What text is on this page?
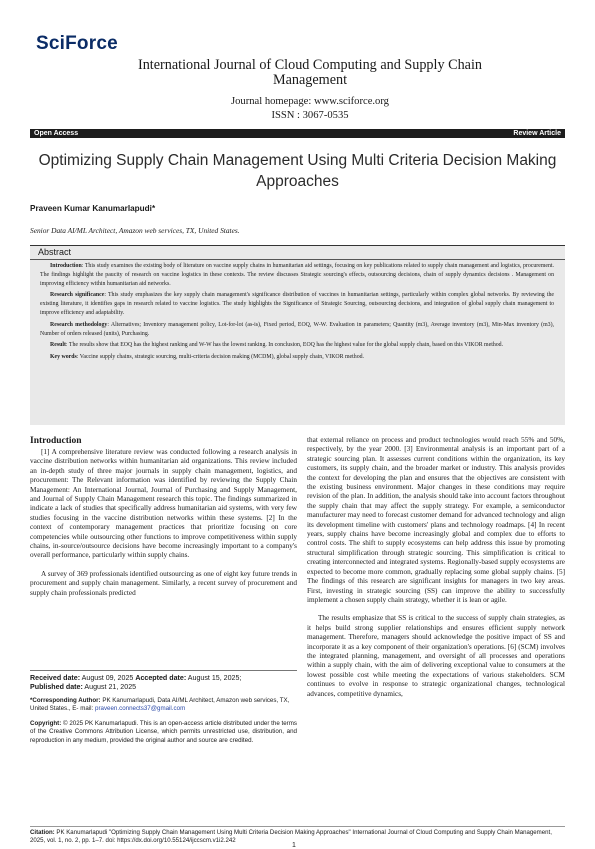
SciForce
International Journal of Cloud Computing and Supply Chain Management
Journal homepage: www.sciforce.org
ISSN : 3067-0535
Open Access	Review Article
Optimizing Supply Chain Management Using Multi Criteria Decision Making Approaches
Praveen Kumar Kanumarlapudi*
Senior Data AI/ML Architect, Amazon web services, TX, United States.
Abstract

Introduction: This study examines the existing body of literature on vaccine supply chains in humanitarian aid settings, focusing on key publications related to supply chain management and logistics, procurement. The findings highlight the paucity of research on vaccine logistics in these contexts. The review discusses Strategic sourcing's effects, outsourcing decisions, chain of supply dynamics decisions . Management on improving efficiency within humanitarian aid networks.

Research significance: This study emphasizes the key supply chain management's significance distribution of vaccines in humanitarian settings, particularly within complex global networks. By reviewing the existing literature, it identifies gaps in research related to vaccine logistics. The study highlights the Significance of Strategic Sourcing, outsourcing decisions, and integration of global supply chain management to improve efficiency and adaptability.

Research methodology: Alternatives; Inventory management policy, Lot-for-lot (as-is), Fixed period, EOQ, W-W. Evaluation in parameters; Quantity (m3), Average inventory (m3), Min-Max inventory (m3), Number of orders released (units), Purchasing.

Result: The results show that EOQ has the highest ranking and W-W has the lowest ranking. In conclusion, EOQ has the highest value for the global supply chain, based on this VIKOR method.

Key words: Vaccine supply chains, strategic sourcing, multi-criteria decision making (MCDM), global supply chain, VIKOR method.

Introduction

[1] A comprehensive literature review was conducted following a research analysis in vaccine distribution networks within humanitarian aid organizations. This review included an in-depth study of three major journals in supply chain management, logistics, and procurement: The Relevant information was identified by reviewing the Supply Chain Management: An International Journal, Journal of Purchasing and Supply Management, and Journal of Supply Chain Management research this topic. The findings summarized in indicate a lack of studies that specifically address humanitarian aid systems, with very few studies focusing in the vaccine distribution networks within these systems. [2] In the context of contemporary management practices that prioritize focusing on core competencies while outsourcing other functions to improve competitiveness within supply chains, in-source/outsource decisions have become increasingly important to a company's overall performance, particularly within supply chains.

A survey of 369 professionals identified outsourcing as one of eight key future trends in procurement and supply chain management. Similarly, a recent survey of procurement and supply chain professionals predicted

that external reliance on process and product technologies would reach 55% and 50%, respectively, by the year 2000. [3] Environmental analysis is an important part of a strategic sourcing plan. It assesses current conditions within the organization, its key customers, its supply chain, and the broader market or industry. This analysis provides the context for developing the plan and ensures that the objectives are consistent with the existing business environment. Major changes in these conditions may require revision of the plan. In addition, the analysis should take into account factors throughout the supply chain that may affect the supply strategy. For example, a semiconductor manufacturer may need to forecast customer demand for advanced technology and align its development timeline with customers' plans and technology roadmaps. [4] In recent years, supply chains have become increasingly global and complex due to efforts to control costs. The shift to supply ecosystems can help address this issue by promoting structural simplification through strategic sourcing. This simplification is critical to creating interconnected and integrated systems. Regionally-based supply ecosystems are expected to become more common, gradually replacing some global supply chains. [5] The findings of this research are significant insights for managers in two key areas. First, investing in strategic sourcing (SS) can improve the ability to successfully implement a chosen supply chain strategy, whether it is lean or agile.

The results emphasize that SS is critical to the success of supply chain strategies, as it helps build strong supplier relationships and ensures efficient supply network management. Therefore, managers should acknowledge the positive impact of SS and incorporate it as a key component of their organization's operations. [6] (SCM) involves the integrated planning, management, and oversight of all processes and operations within a supply chain, with the aim of delivering exceptional value to consumers at the lowest possible cost while meeting the expectations of various stakeholders. SCM continues to evolve in response to strategic organizational changes, technological advances, competitive dynamics,

Received date: August 09, 2025 Accepted date: August 15, 2025;

Published date: August 21, 2025

*Corresponding Author: PK Kanumarlapudi, Data AI/ML Architect, Amazon web services, TX, United States., E- mail: praveen.connects37@gmail.com

Copyright: © 2025 PK Kanumarlapudi. This is an open-access article distributed under the terms of the Creative Commons Attribution License, which permits unrestricted use, distribution, and reproduction in any medium, provided the original author and source are credited.

Citation: PK Kanumarlapudi "Optimizing Supply Chain Management Using Multi Criteria Decision Making Approaches" International Journal of Cloud Computing and Supply Chain Management, 2025, vol. 1, no. 2, pp. 1–7. doi: https://dx.doi.org/10.55124/ijccscm.v1i2.242
1
